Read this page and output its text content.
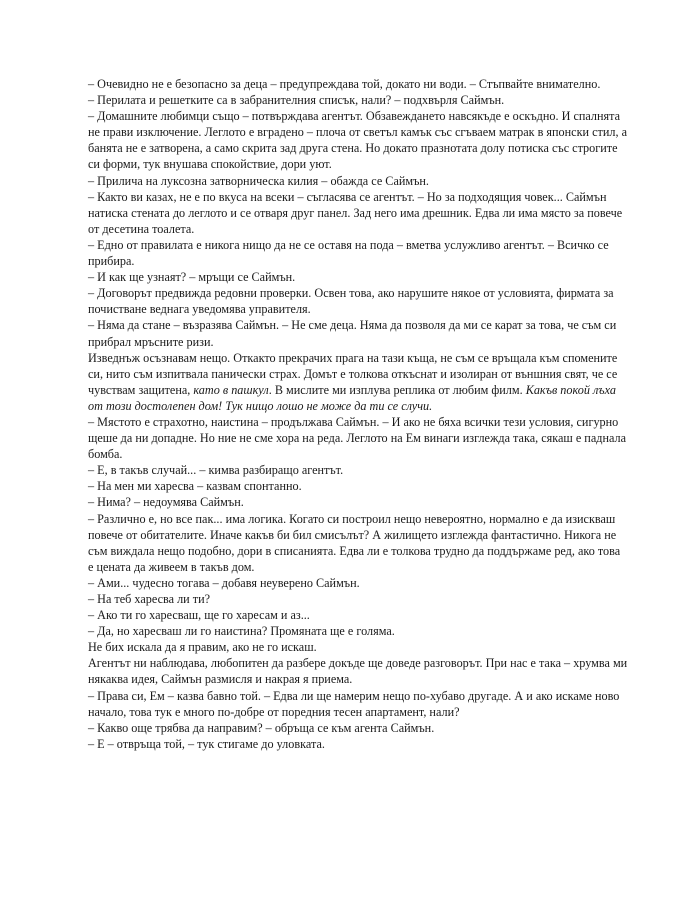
– Очевидно не е безопасно за деца – предупреждава той, докато ни води. – Стъпвайте внимателно.

– Перилата и решетките са в забранителния списък, нали? – подхвърля Саймън.

– Домашните любимци също – потвърждава агентът. Обзавеждането навсякъде е оскъдно. И спалнята не прави изключение. Леглото е вградено – плоча от светъл камък със сгъваем матрак в японски стил, а банята не е затворена, а само скрита зад друга стена. Но докато празнотата долу потиска със строгите си форми, тук внушава спокойствие, дори уют.

– Прилича на луксозна затворническа килия – обажда се Саймън.

– Както ви казах, не е по вкуса на всеки – съгласява се агентът. – Но за подходящия човек... Саймън натиска стената до леглото и се отваря друг панел. Зад него има дрешник. Едва ли има място за повече от десетина тоалета.

– Едно от правилата е никога нищо да не се оставя на пода – вметва услужливо агентът. – Всичко се прибира.

– И как ще узнаят? – мръщи се Саймън.

– Договорът предвижда редовни проверки. Освен това, ако нарушите някое от условията, фирмата за почистване веднага уведомява управителя.

– Няма да стане – възразява Саймън. – Не сме деца. Няма да позволя да ми се карат за това, че съм си прибрал мръсните ризи.

Изведнъж осъзнавам нещо. Откакто прекрачих прага на тази къща, не съм се връщала към спомените си, нито съм изпитвала панически страх. Домът е толкова откъснат и изолиран от външния свят, че се чувствам защитена, като в пашкул. В мислите ми изплува реплика от любим филм. Какъв покой лъха от този достолепен дом! Тук нищо лошо не може да ти се случи.

– Мястото е страхотно, наистина – продължава Саймън. – И ако не бяха всички тези условия, сигурно щеше да ни допадне. Но ние не сме хора на реда. Леглото на Ем винаги изглежда така, сякаш е паднала бомба.

– Е, в такъв случай... – кимва разбиращо агентът.

– На мен ми харесва – казвам спонтанно.

– Нима? – недоумява Саймън.

– Различно е, но все пак... има логика. Когато си построил нещо невероятно, нормално е да изискваш повече от обитателите. Иначе какъв би бил смисълът? А жилището изглежда фантастично. Никога не съм виждала нещо подобно, дори в списанията. Едва ли е толкова трудно да поддържаме ред, ако това е цената да живеем в такъв дом.

– Ами... чудесно тогава – добавя неуверено Саймън.

– На теб харесва ли ти?

– Ако ти го харесваш, ще го харесам и аз...

– Да, но харесваш ли го наистина? Промяната ще е голяма.

Не бих искала да я правим, ако не го искаш.

Агентът ни наблюдава, любопитен да разбере докъде ще доведе разговорът. При нас е така – хрумва ми някаква идея, Саймън размисля и накрая я приема.

– Права си, Ем – казва бавно той. – Едва ли ще намерим нещо по-хубаво другаде. А и ако искаме ново начало, това тук е много по-добре от поредния тесен апартамент, нали?

– Какво още трябва да направим? – обръща се към агента Саймън.

– Е – отвръща той, – тук стигаме до уловката.
